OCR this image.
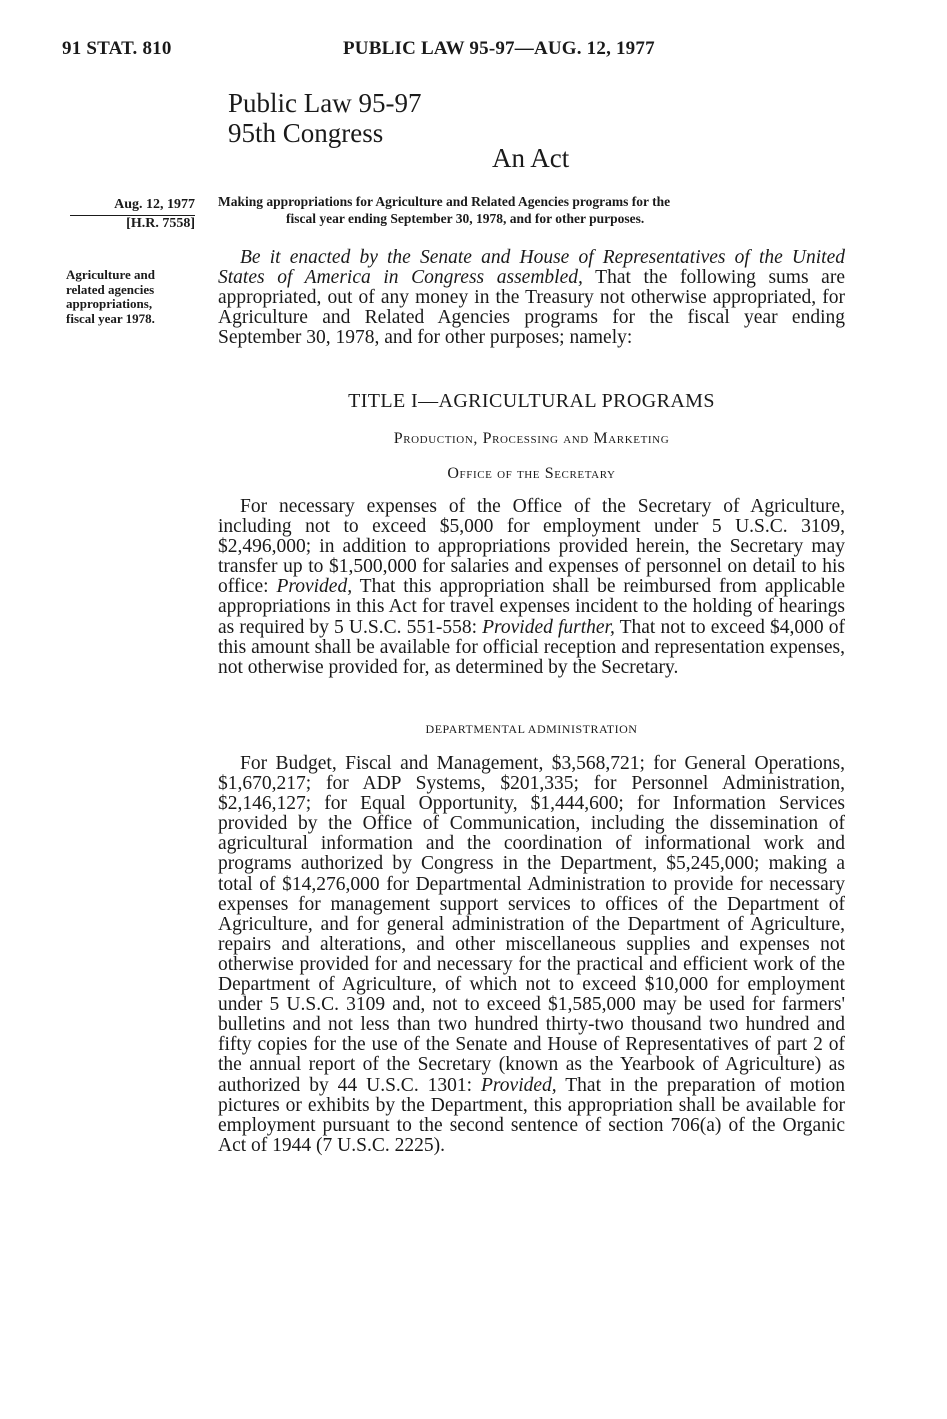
91 STAT. 810	PUBLIC LAW 95-97—AUG. 12, 1977
Public Law 95-97
95th Congress
An Act
Aug. 12, 1977
[H.R. 7558]
Making appropriations for Agriculture and Related Agencies programs for the
fiscal year ending September 30, 1978, and for other purposes.
Agriculture and
related agencies
appropriations,
fiscal year 1978.

Be it enacted by the Senate and House of Representatives of the United States of America in Congress assembled, That the following sums are appropriated, out of any money in the Treasury not otherwise appropriated, for Agriculture and Related Agencies programs for the fiscal year ending September 30, 1978, and for other purposes; namely:

TITLE I—AGRICULTURAL PROGRAMS
Production, Processing and Marketing
Office of the Secretary

For necessary expenses of the Office of the Secretary of Agriculture, including not to exceed $5,000 for employment under 5 U.S.C. 3109, $2,496,000; in addition to appropriations provided herein, the Secretary may transfer up to $1,500,000 for salaries and expenses of personnel on detail to his office: Provided, That this appropriation shall be reimbursed from applicable appropriations in this Act for travel expenses incident to the holding of hearings as required by 5 U.S.C. 551-558: Provided further, That not to exceed $4,000 of this amount shall be available for official reception and representation expenses, not otherwise provided for, as determined by the Secretary.

DEPARTMENTAL ADMINISTRATION

For Budget, Fiscal and Management, $3,568,721; for General Operations, $1,670,217; for ADP Systems, $201,335; for Personnel Administration, $2,146,127; for Equal Opportunity, $1,444,600; for Information Services provided by the Office of Communication, including the dissemination of agricultural information and the coordination of informational work and programs authorized by Congress in the Department, $5,245,000; making a total of $14,276,000 for Departmental Administration to provide for necessary expenses for management support services to offices of the Department of Agriculture, and for general administration of the Department of Agriculture, repairs and alterations, and other miscellaneous supplies and expenses not otherwise provided for and necessary for the practical and efficient work of the Department of Agriculture, of which not to exceed $10,000 for employment under 5 U.S.C. 3109 and, not to exceed $1,585,000 may be used for farmers' bulletins and not less than two hundred thirty-two thousand two hundred and fifty copies for the use of the Senate and House of Representatives of part 2 of the annual report of the Secretary (known as the Yearbook of Agriculture) as authorized by 44 U.S.C. 1301: Provided, That in the preparation of motion pictures or exhibits by the Department, this appropriation shall be available for employment pursuant to the second sentence of section 706(a) of the Organic Act of 1944 (7 U.S.C. 2225).
